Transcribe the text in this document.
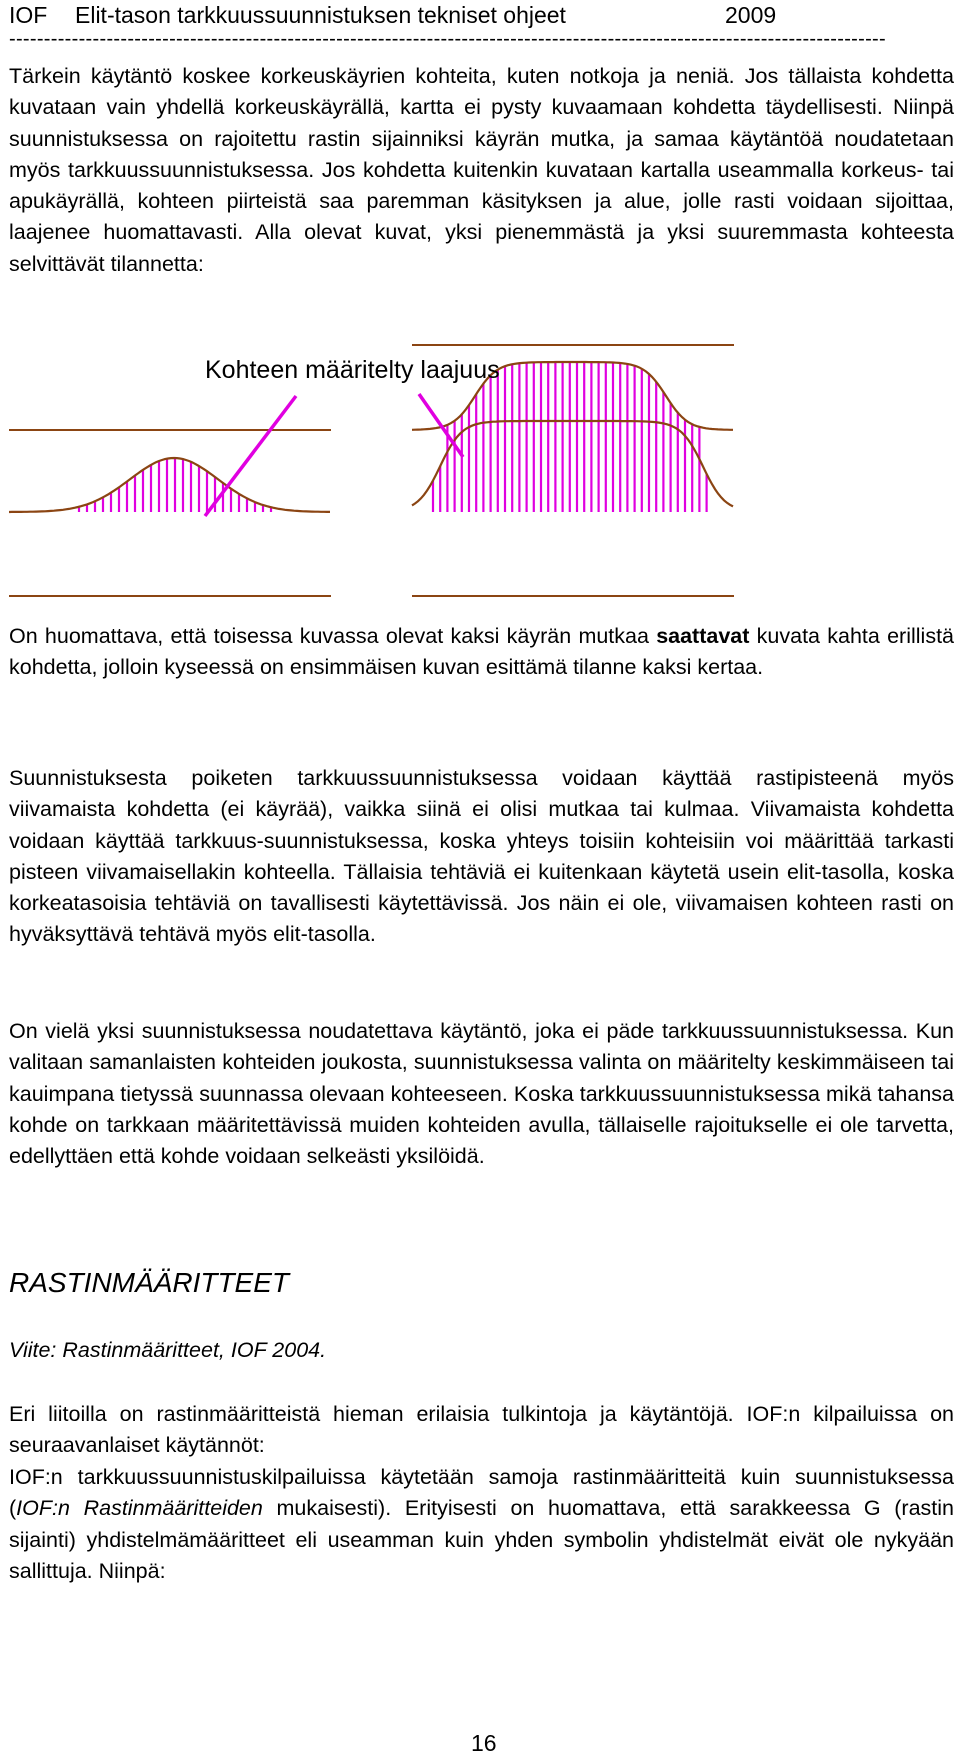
IOF Elit-tason tarkkuussuunnistuksen tekniset ohjeet	2009
------------------------------------------------------------------------------------------------------------------------------

Tärkein käytäntö koskee korkeuskäyrien kohteita, kuten notkoja ja neniä. Jos tällaista kohdetta kuvataan vain yhdellä korkeuskäyrällä, kartta ei pysty kuvaamaan kohdetta täydellisesti. Niinpä suunnistuksessa on rajoitettu rastin sijainniksi käyrän mutka, ja samaa käytäntöä noudatetaan myös tarkkuussuunnistuksessa. Jos kohdetta kuitenkin kuvataan kartalla useammalla korkeus- tai apukäyrällä, kohteen piirteistä saa paremman käsityksen ja alue, jolle rasti voidaan sijoittaa, laajenee huomattavasti. Alla olevat kuvat, yksi pienemmästä ja yksi suuremmasta kohteesta selvittävät tilannetta:

Kohteen määritelty laajuus

On huomattava, että toisessa kuvassa olevat kaksi käyrän mutkaa saattavat kuvata kahta erillistä kohdetta, jolloin kyseessä on ensimmäisen kuvan esittämä tilanne kaksi kertaa.

Suunnistuksesta poiketen tarkkuussuunnistuksessa voidaan käyttää rastipisteenä myös viivamaista kohdetta (ei käyrää), vaikka siinä ei olisi mutkaa tai kulmaa. Viivamaista kohdetta voidaan käyttää tarkkuus-suunnistuksessa, koska yhteys toisiin kohteisiin voi määrittää tarkasti pisteen viivamaisellakin kohteella. Tällaisia tehtäviä ei kuitenkaan käytetä usein elit-tasolla, koska korkeatasoisia tehtäviä on tavallisesti käytettävissä. Jos näin ei ole, viivamaisen kohteen rasti on hyväksyttävä tehtävä myös elit-tasolla.

On vielä yksi suunnistuksessa noudatettava käytäntö, joka ei päde tarkkuussuunnistuksessa. Kun valitaan samanlaisten kohteiden joukosta, suunnistuksessa valinta on määritelty keskimmäiseen tai kauimpana tietyssä suunnassa olevaan kohteeseen. Koska tarkkuussuunnistuksessa mikä tahansa kohde on tarkkaan määritettävissä muiden kohteiden avulla, tällaiselle rajoitukselle ei ole tarvetta, edellyttäen että kohde voidaan selkeästi yksilöidä.

RASTINMÄÄRITTEET
Viite: Rastinmääritteet, IOF 2004.

Eri liitoilla on rastinmääritteistä hieman erilaisia tulkintoja ja käytäntöjä. IOF:n kilpailuissa on seuraavanlaiset käytännöt:

IOF:n tarkkuussuunnistuskilpailuissa käytetään samoja rastinmääritteitä kuin suunnistuksessa (IOF:n Rastinmääritteiden mukaisesti). Erityisesti on huomattava, että sarakkeessa G (rastin sijainti) yhdistelmämääritteet eli useamman kuin yhden symbolin yhdistelmät eivät ole nykyään sallittuja. Niinpä:

16
